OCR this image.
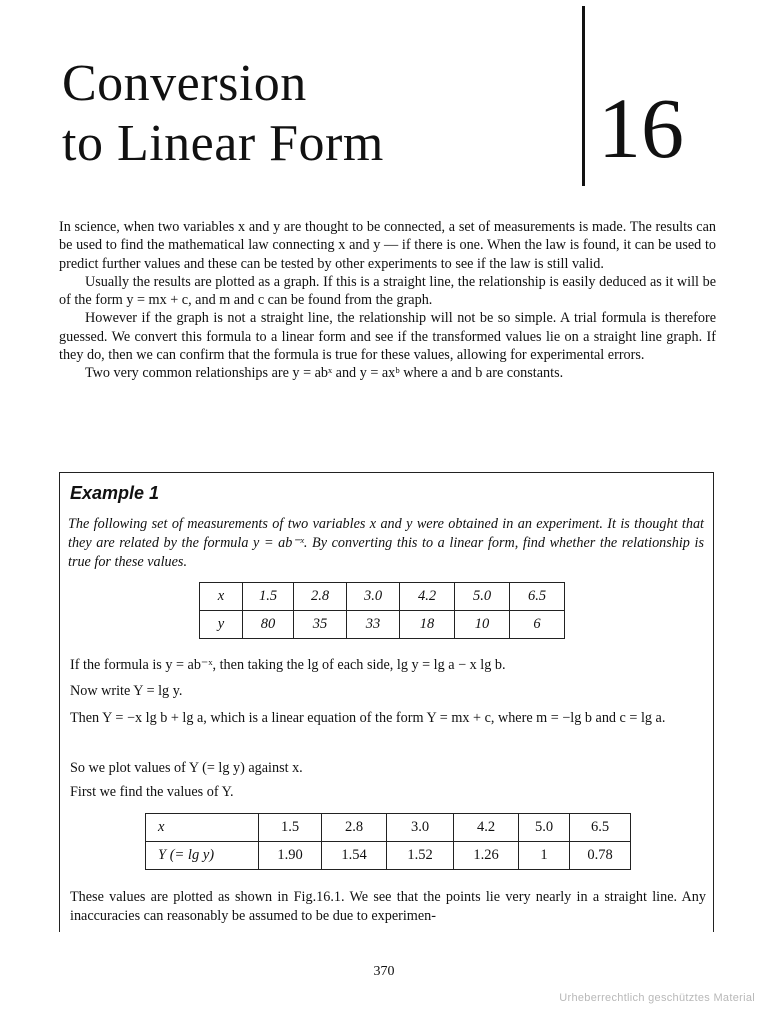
Conversion
to Linear Form 16

In science, when two variables x and y are thought to be connected, a set of measurements is made. The results can be used to find the mathematical law connecting x and y — if there is one. When the law is found, it can be used to predict further values and these can be tested by other experiments to see if the law is still valid.

Usually the results are plotted as a graph. If this is a straight line, the relationship is easily deduced as it will be of the form y = mx + c, and m and c can be found from the graph.

However if the graph is not a straight line, the relationship will not be so simple. A trial formula is therefore guessed. We convert this formula to a linear form and see if the transformed values lie on a straight line graph. If they do, then we can confirm that the formula is true for these values, allowing for experimental errors.

Two very common relationships are y = abˣ and y = axᵇ where a and b are constants.

Example 1
The following set of measurements of two variables x and y were obtained in an experiment. It is thought that they are related by the formula y = ab⁻ˣ. By converting this to a linear form, find whether the relationship is true for these values.
x	1.5	2.8	3.0	4.2	5.0	6.5
y	80	35	33	18	10	6
If the formula is y = ab⁻ˣ, then taking the lg of each side, lg y = lg a − x lg b.
Now write Y = lg y.
Then Y = −x lg b + lg a, which is a linear equation of the form Y = mx + c, where m = −lg b and c = lg a.
So we plot values of Y (= lg y) against x.
First we find the values of Y.
x	1.5	2.8	3.0	4.2	5.0	6.5
Y (= lg y)	1.90	1.54	1.52	1.26	1	0.78
These values are plotted as shown in Fig.16.1. We see that the points lie very nearly in a straight line. Any inaccuracies can reasonably be assumed to be due to experimen-
370
Urheberrechtlich geschütztes Material
